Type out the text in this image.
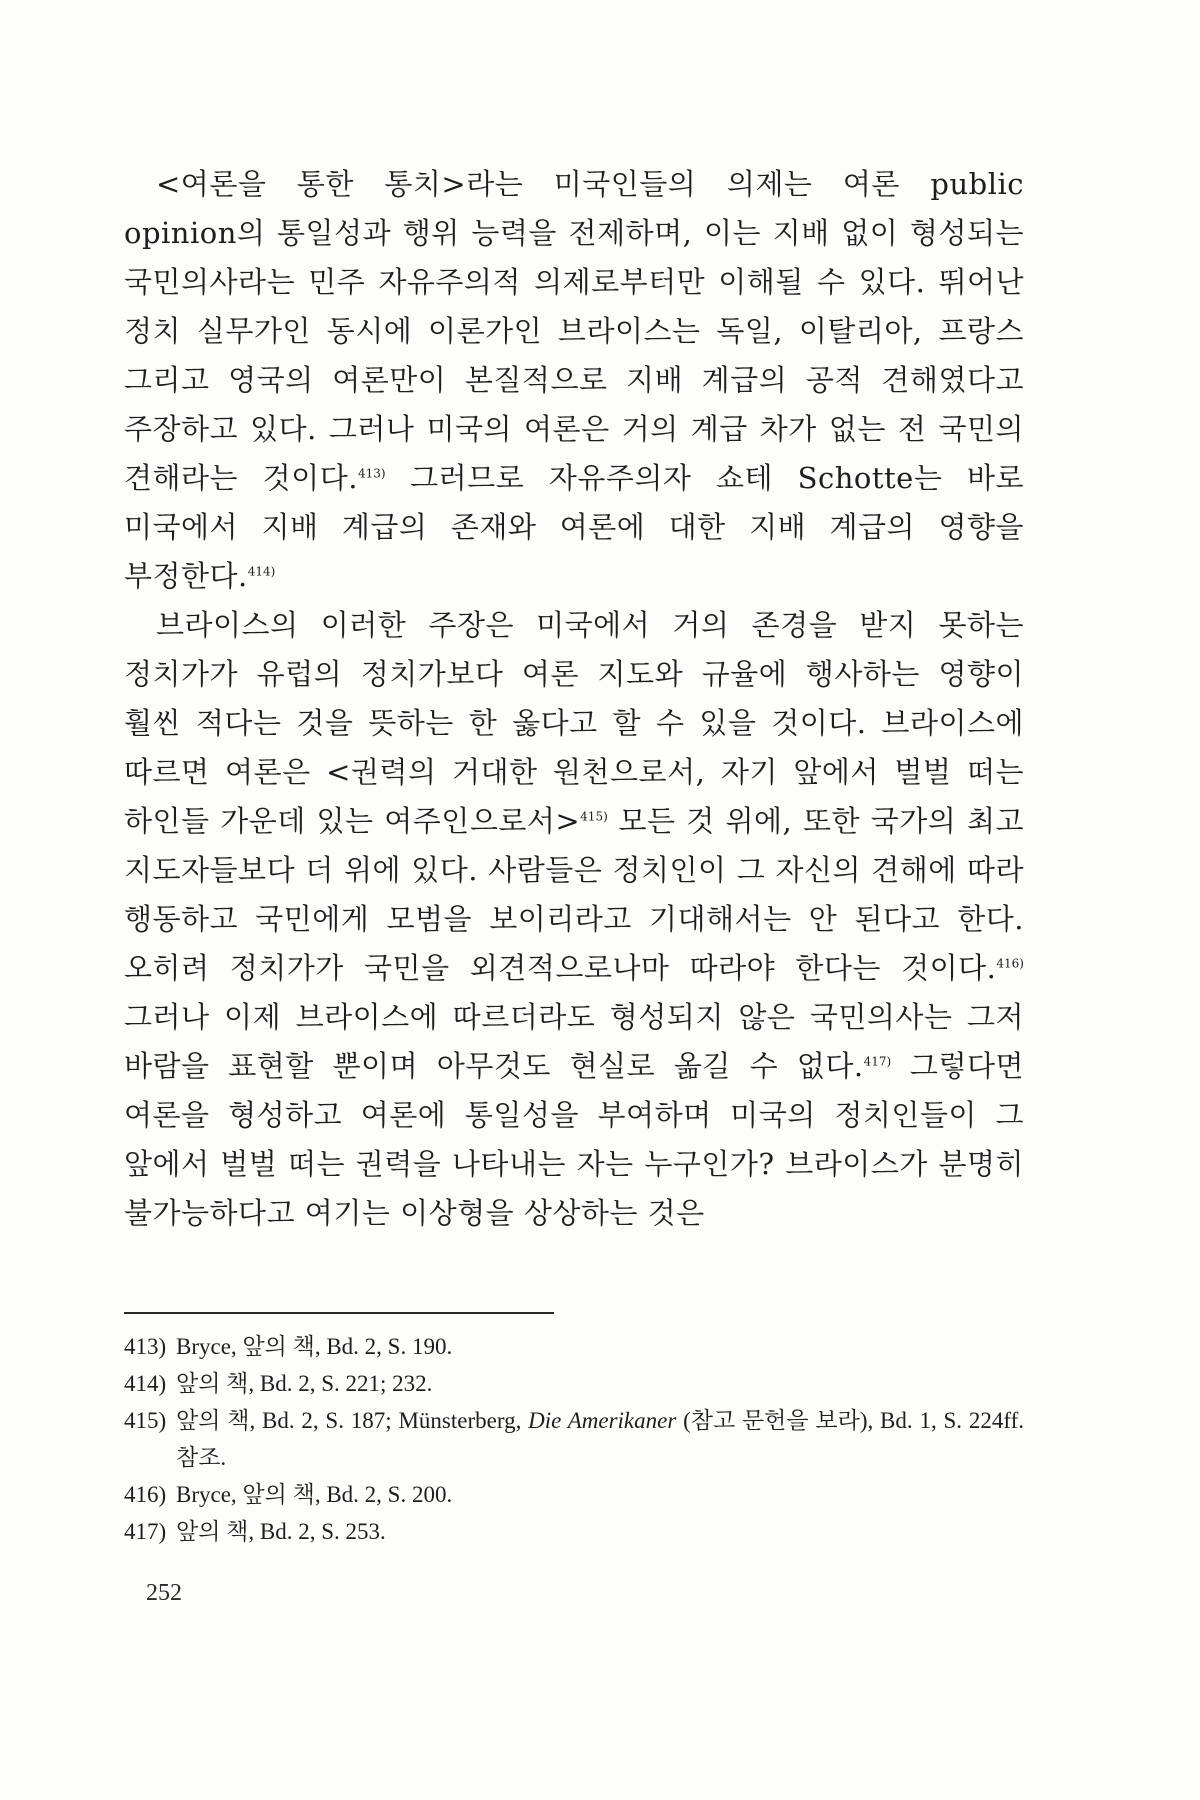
<여론을 통한 통치>라는 미국인들의 의제는 여론 public opinion의 통일성과 행위 능력을 전제하며, 이는 지배 없이 형성되는 국민의사라는 민주 자유주의적 의제로부터만 이해될 수 있다. 뛰어난 정치 실무가인 동시에 이론가인 브라이스는 독일, 이탈리아, 프랑스 그리고 영국의 여론만이 본질적으로 지배 계급의 공적 견해였다고 주장하고 있다. 그러나 미국의 여론은 거의 계급 차가 없는 전 국민의 견해라는 것이다.$^{413)}$ 그러므로 자유주의자 쇼테 Schotte는 바로 미국에서 지배 계급의 존재와 여론에 대한 지배 계급의 영향을 부정한다.$^{414)}$

브라이스의 이러한 주장은 미국에서 거의 존경을 받지 못하는 정치가가 유럽의 정치가보다 여론 지도와 규율에 행사하는 영향이 훨씬 적다는 것을 뜻하는 한 옳다고 할 수 있을 것이다. 브라이스에 따르면 여론은 <권력의 거대한 원천으로서, 자기 앞에서 벌벌 떠는 하인들 가운데 있는 여주인으로서>$^{415)}$ 모든 것 위에, 또한 국가의 최고 지도자들보다 더 위에 있다. 사람들은 정치인이 그 자신의 견해에 따라 행동하고 국민에게 모범을 보이리라고 기대해서는 안 된다고 한다. 오히려 정치가가 국민을 외견적으로나마 따라야 한다는 것이다.$^{416)}$ 그러나 이제 브라이스에 따르더라도 형성되지 않은 국민의사는 그저 바람을 표현할 뿐이며 아무것도 현실로 옮길 수 없다.$^{417)}$ 그렇다면 여론을 형성하고 여론에 통일성을 부여하며 미국의 정치인들이 그 앞에서 벌벌 떠는 권력을 나타내는 자는 누구인가? 브라이스가 분명히 불가능하다고 여기는 이상형을 상상하는 것은

413) Bryce, 앞의 책, Bd. 2, S. 190.

414) 앞의 책, Bd. 2, S. 221; 232.

415) 앞의 책, Bd. 2, S. 187; Münsterberg, Die Amerikaner (참고 문헌을 보라), Bd. 1, S. 224ff. 참조.

416) Bryce, 앞의 책, Bd. 2, S. 200.

417) 앞의 책, Bd. 2, S. 253.

252
